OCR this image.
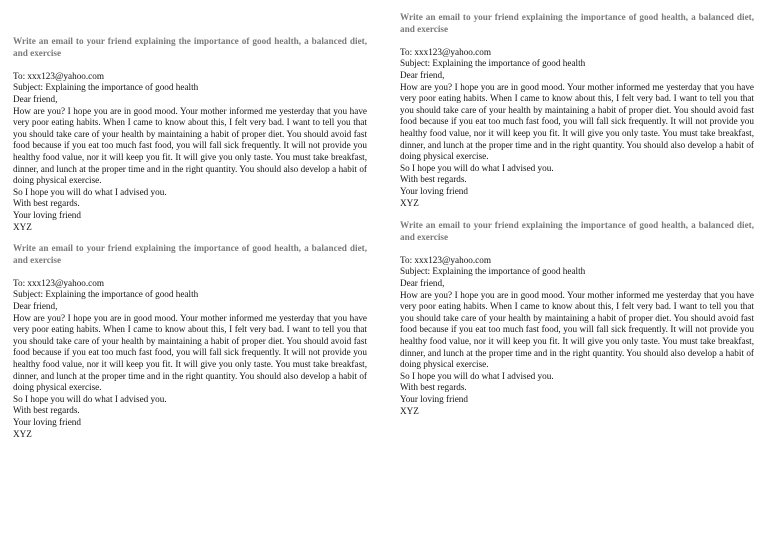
Write an email to your friend explaining the importance of good health, a balanced diet, and exercise

To: xxx123@yahoo.com

Subject: Explaining the importance of good health

Dear friend,

How are you? I hope you are in good mood. Your mother informed me yesterday that you have very poor eating habits. When I came to know about this, I felt very bad. I want to tell you that you should take care of your health by maintaining a habit of proper diet. You should avoid fast food because if you eat too much fast food, you will fall sick frequently. It will not provide you healthy food value, nor it will keep you fit. It will give you only taste. You must take breakfast, dinner, and lunch at the proper time and in the right quantity. You should also develop a habit of doing physical exercise.

So I hope you will do what I advised you.

With best regards.

Your loving friend

XYZ

Write an email to your friend explaining the importance of good health, a balanced diet, and exercise

To: xxx123@yahoo.com

Subject: Explaining the importance of good health

Dear friend,

How are you? I hope you are in good mood. Your mother informed me yesterday that you have very poor eating habits. When I came to know about this, I felt very bad. I want to tell you that you should take care of your health by maintaining a habit of proper diet. You should avoid fast food because if you eat too much fast food, you will fall sick frequently. It will not provide you healthy food value, nor it will keep you fit. It will give you only taste. You must take breakfast, dinner, and lunch at the proper time and in the right quantity. You should also develop a habit of doing physical exercise.

So I hope you will do what I advised you.

With best regards.

Your loving friend

XYZ

Write an email to your friend explaining the importance of good health, a balanced diet, and exercise

To: xxx123@yahoo.com

Subject: Explaining the importance of good health

Dear friend,

How are you? I hope you are in good mood. Your mother informed me yesterday that you have very poor eating habits. When I came to know about this, I felt very bad. I want to tell you that you should take care of your health by maintaining a habit of proper diet. You should avoid fast food because if you eat too much fast food, you will fall sick frequently. It will not provide you healthy food value, nor it will keep you fit. It will give you only taste. You must take breakfast, dinner, and lunch at the proper time and in the right quantity. You should also develop a habit of doing physical exercise.

So I hope you will do what I advised you.

With best regards.

Your loving friend

XYZ

Write an email to your friend explaining the importance of good health, a balanced diet, and exercise

To: xxx123@yahoo.com

Subject: Explaining the importance of good health

Dear friend,

How are you? I hope you are in good mood. Your mother informed me yesterday that you have very poor eating habits. When I came to know about this, I felt very bad. I want to tell you that you should take care of your health by maintaining a habit of proper diet. You should avoid fast food because if you eat too much fast food, you will fall sick frequently. It will not provide you healthy food value, nor it will keep you fit. It will give you only taste. You must take breakfast, dinner, and lunch at the proper time and in the right quantity. You should also develop a habit of doing physical exercise.

So I hope you will do what I advised you.

With best regards.

Your loving friend

XYZ
